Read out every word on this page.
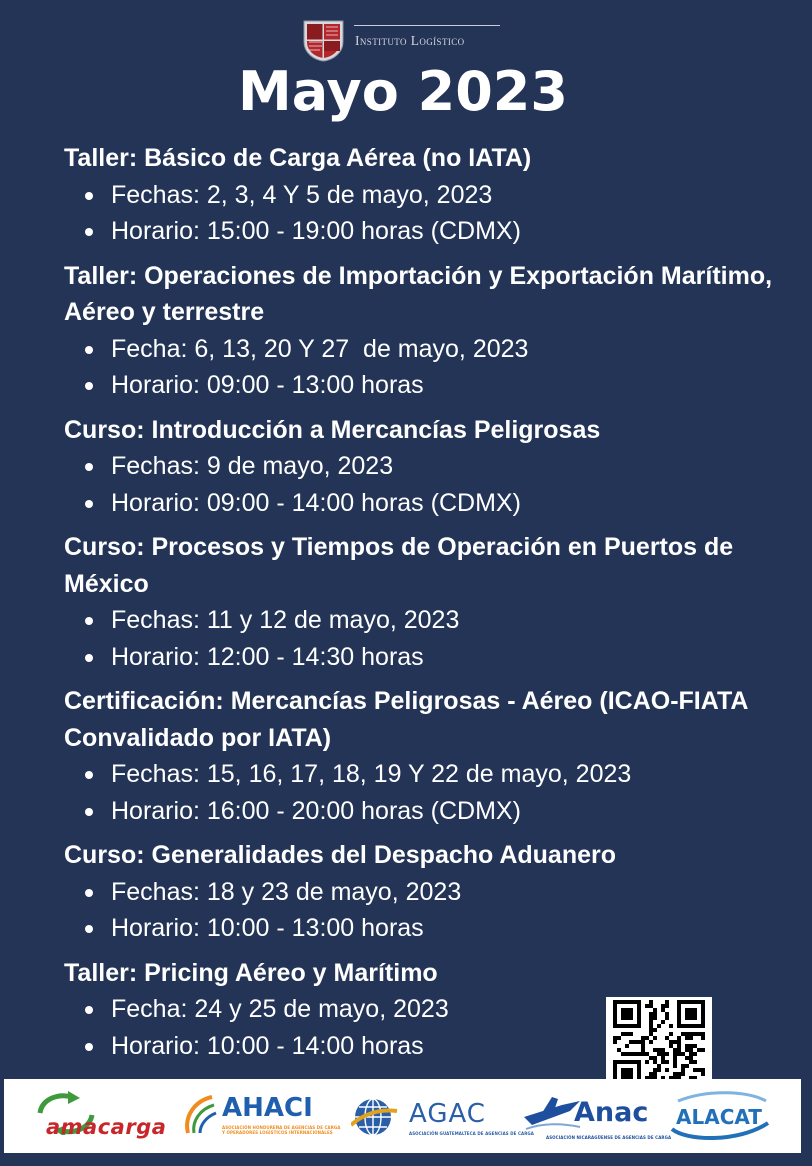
Instituto Logístico
Mayo 2023

Taller: Básico de Carga Aérea (no IATA)

Fechas: 2, 3, 4 Y 5 de mayo, 2023
Horario: 15:00 - 19:00 horas (CDMX)

Taller: Operaciones de Importación y Exportación Marítimo, Aéreo y terrestre

Fecha: 6, 13, 20 Y 27  de mayo, 2023
Horario: 09:00 - 13:00 horas

Curso: Introducción a Mercancías Peligrosas

Fechas: 9 de mayo, 2023
Horario: 09:00 - 14:00 horas (CDMX)

Curso: Procesos y Tiempos de Operación en Puertos de México

Fechas: 11 y 12 de mayo, 2023
Horario: 12:00 - 14:30 horas

Certificación: Mercancías Peligrosas - Aéreo (ICAO-FIATA Convalidado por IATA)

Fechas: 15, 16, 17, 18, 19 Y 22 de mayo, 2023
Horario: 16:00 - 20:00 horas (CDMX)

Curso: Generalidades del Despacho Aduanero

Fechas: 18 y 23 de mayo, 2023
Horario: 10:00 - 13:00 horas

Taller: Pricing Aéreo y Marítimo

Fecha: 24 y 25 de mayo, 2023
Horario: 10:00 - 14:00 horas
amacarga
AHACI
ASOCIACIÓN HONDUREÑA DE AGENCIAS DE CARGA Y OPERADORES LOGÍSTICOS INTERNACIONALES
AGAC
ASOCIACIÓN GUATEMALTECA DE AGENCIAS DE CARGA
Anac
ASOCIACIÓN NICARAGÜENSE DE AGENCIAS DE CARGA
ALACAT
